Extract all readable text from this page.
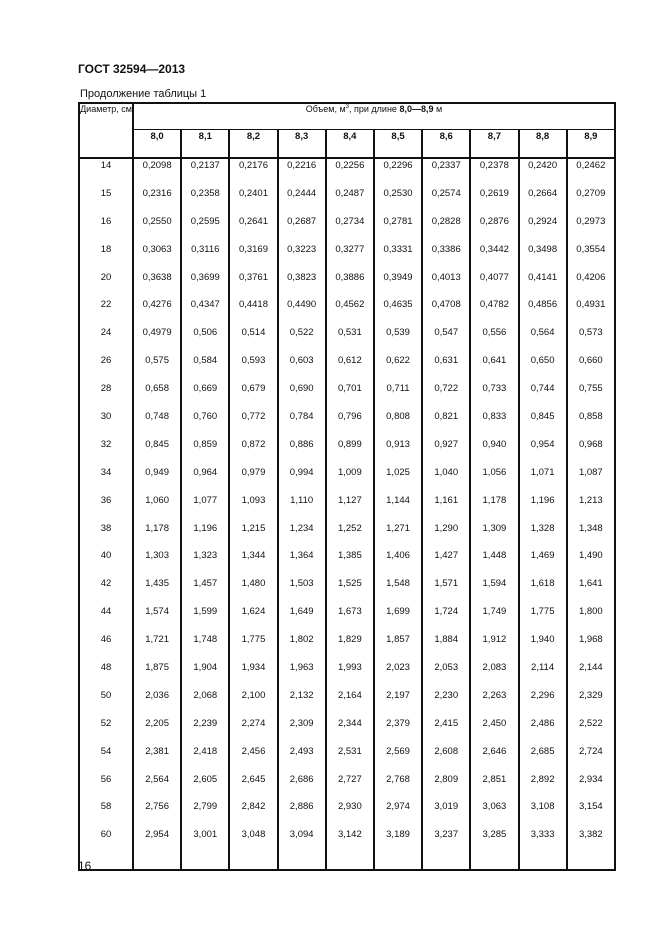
ГОСТ 32594—2013
Продолжение таблицы 1
Диаметр, см	Объем, $м^3$, при длине 8,0—8,9 м									
	8,0	8,1	8,2	8,3	8,4	8,5	8,6	8,7	8,8	8,9
14	0,2098	0,2137	0,2176	0,2216	0,2256	0,2296	0,2337	0,2378	0,2420	0,2462
15	0,2316	0,2358	0,2401	0,2444	0,2487	0,2530	0,2574	0,2619	0,2664	0,2709
16	0,2550	0,2595	0,2641	0,2687	0,2734	0,2781	0,2828	0,2876	0,2924	0,2973
18	0,3063	0,3116	0,3169	0,3223	0,3277	0,3331	0,3386	0,3442	0,3498	0,3554
20	0,3638	0,3699	0,3761	0,3823	0,3886	0,3949	0,4013	0,4077	0,4141	0,4206
22	0,4276	0,4347	0,4418	0,4490	0,4562	0,4635	0,4708	0,4782	0,4856	0,4931
24	0,4979	0,506	0,514	0,522	0,531	0,539	0,547	0,556	0,564	0,573
26	0,575	0,584	0,593	0,603	0,612	0,622	0,631	0,641	0,650	0,660
28	0,658	0,669	0,679	0,690	0,701	0,711	0,722	0,733	0,744	0,755
30	0,748	0,760	0,772	0,784	0,796	0,808	0,821	0,833	0,845	0,858
32	0,845	0,859	0,872	0,886	0,899	0,913	0,927	0,940	0,954	0,968
34	0,949	0,964	0,979	0,994	1,009	1,025	1,040	1,056	1,071	1,087
36	1,060	1,077	1,093	1,110	1,127	1,144	1,161	1,178	1,196	1,213
38	1,178	1,196	1,215	1,234	1,252	1,271	1,290	1,309	1,328	1,348
40	1,303	1,323	1,344	1,364	1,385	1,406	1,427	1,448	1,469	1,490
42	1,435	1,457	1,480	1,503	1,525	1,548	1,571	1,594	1,618	1,641
44	1,574	1,599	1,624	1,649	1,673	1,699	1,724	1,749	1,775	1,800
46	1,721	1,748	1,775	1,802	1,829	1,857	1,884	1,912	1,940	1,968
48	1,875	1,904	1,934	1,963	1,993	2,023	2,053	2,083	2,114	2,144
50	2,036	2,068	2,100	2,132	2,164	2,197	2,230	2,263	2,296	2,329
52	2,205	2,239	2,274	2,309	2,344	2,379	2,415	2,450	2,486	2,522
54	2,381	2,418	2,456	2,493	2,531	2,569	2,608	2,646	2,685	2,724
56	2,564	2,605	2,645	2,686	2,727	2,768	2,809	2,851	2,892	2,934
58	2,756	2,799	2,842	2,886	2,930	2,974	3,019	3,063	3,108	3,154
60	2,954	3,001	3,048	3,094	3,142	3,189	3,237	3,285	3,333	3,382

16
